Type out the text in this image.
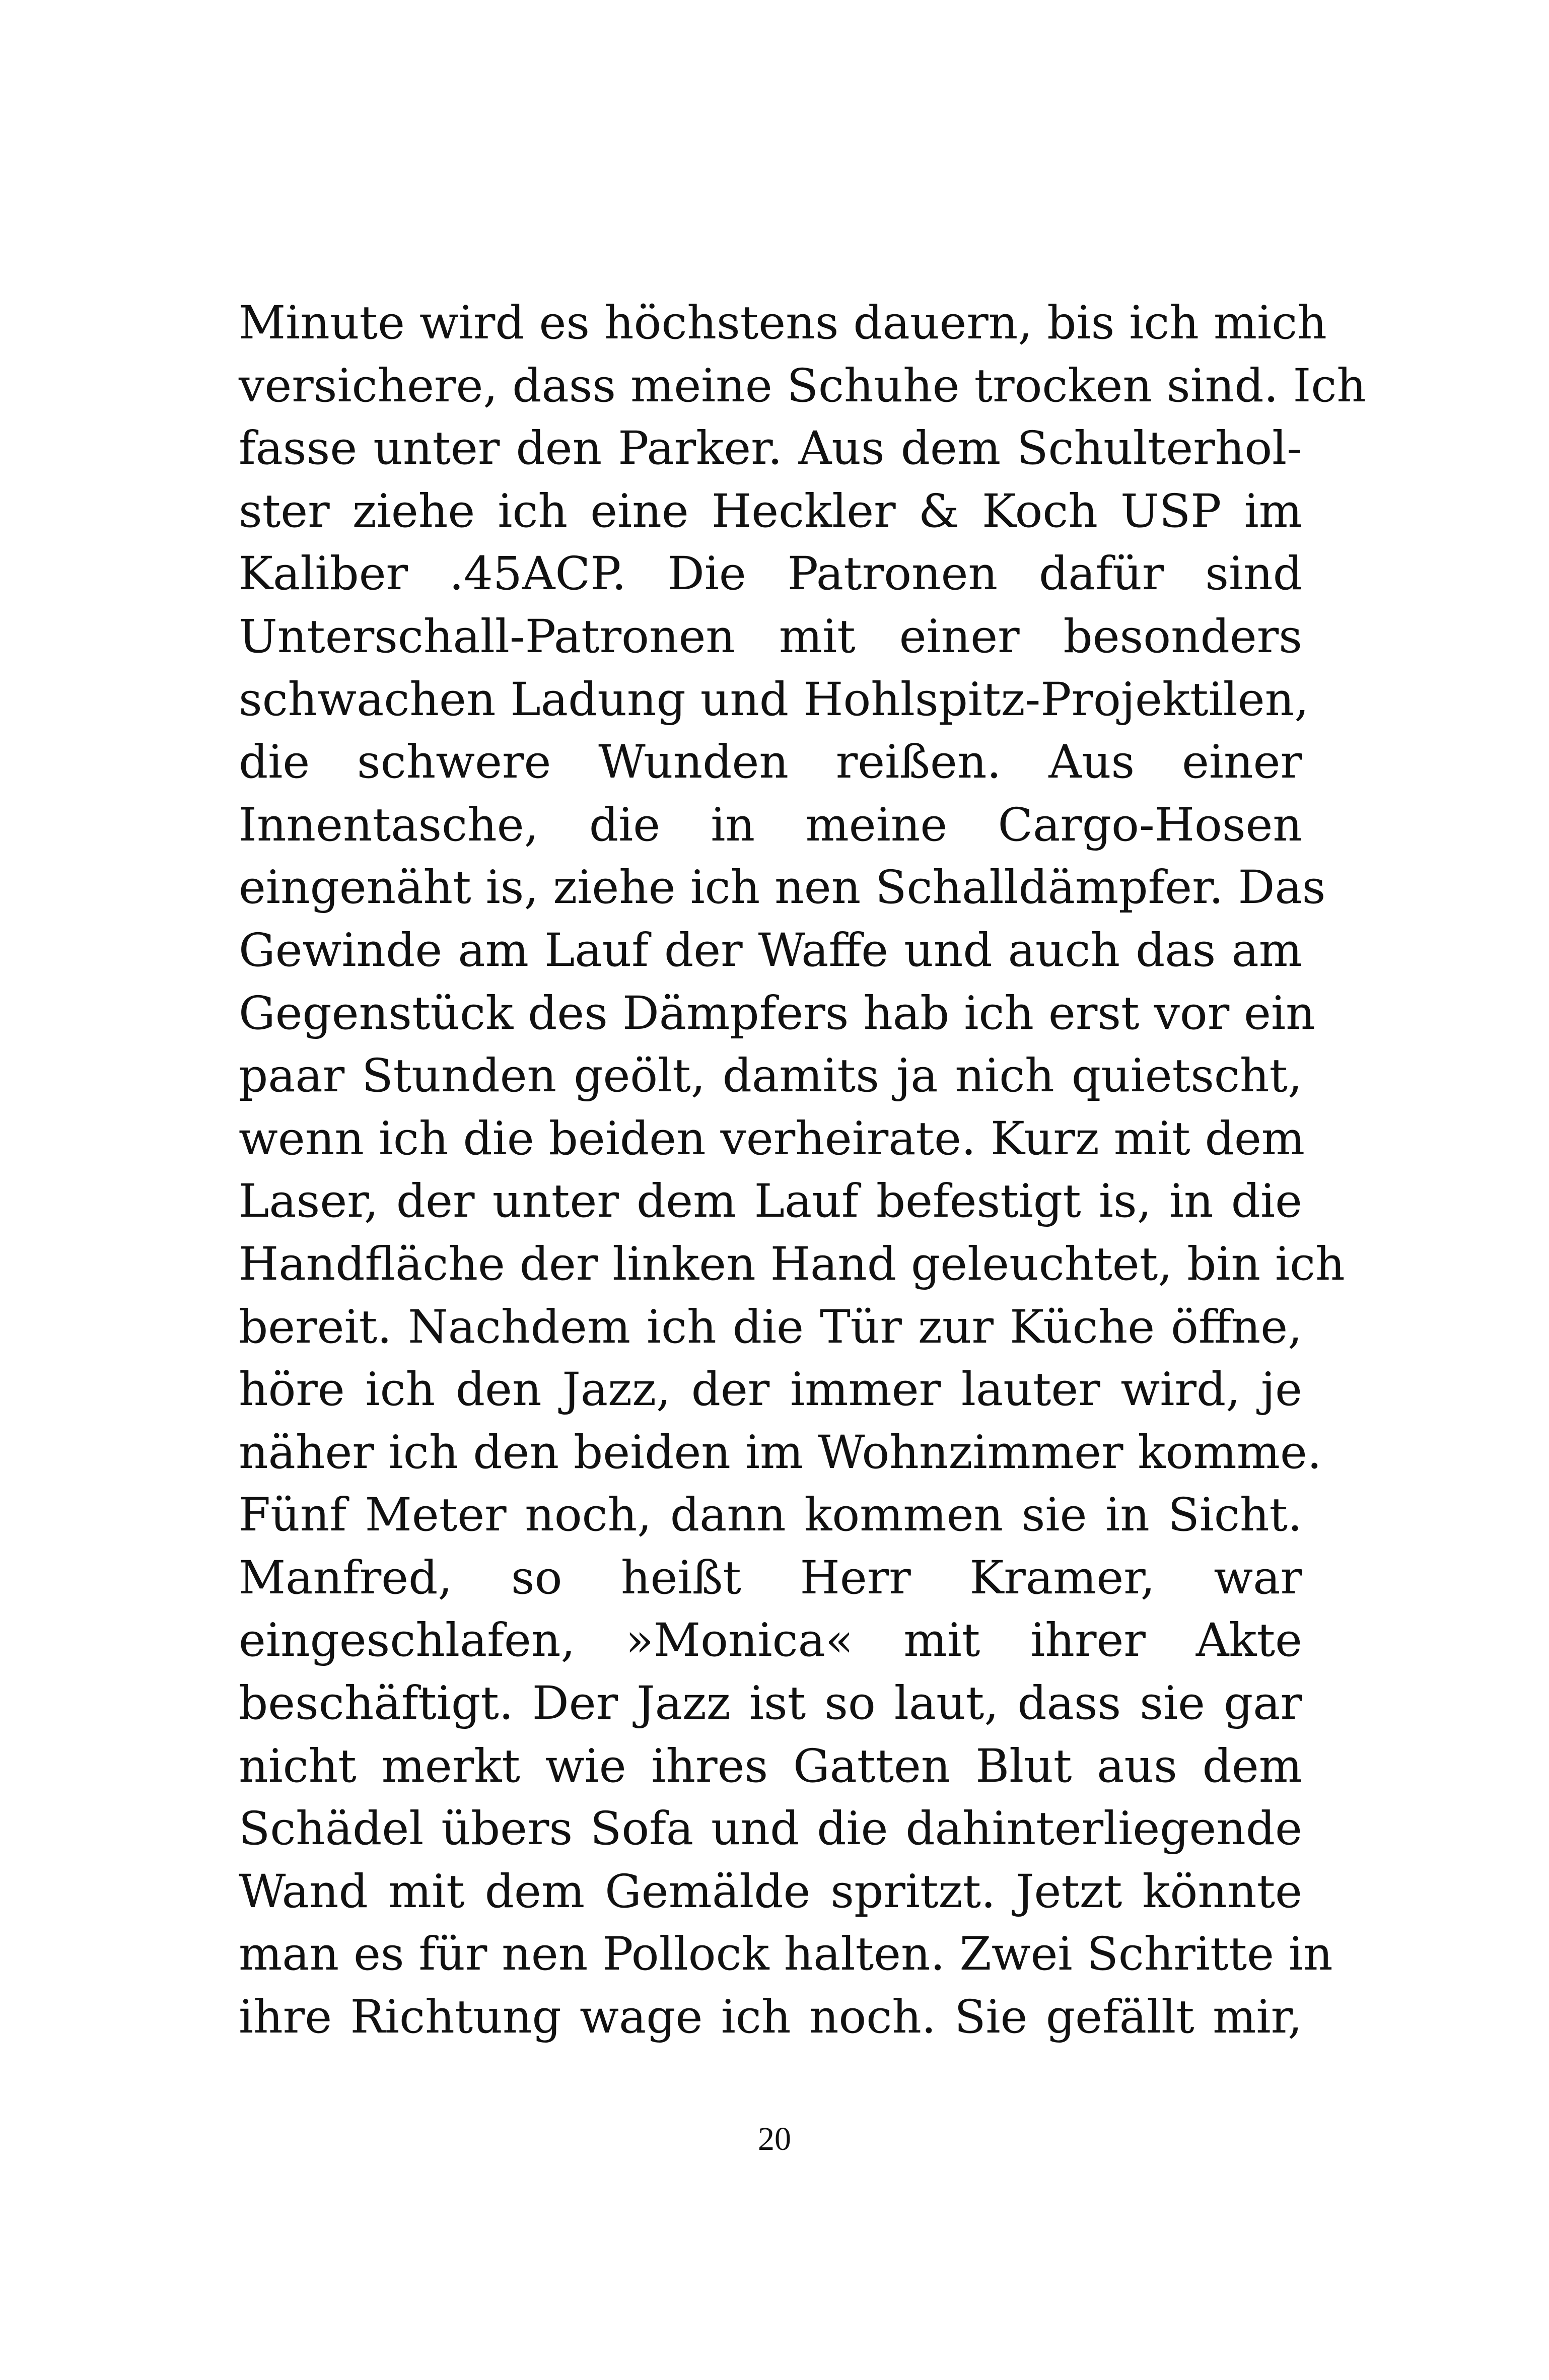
Minute wird es höchstens dauern, bis ich mich
versichere, dass meine Schuhe trocken sind. Ich
fasse unter den Parker. Aus dem Schulterhol-
ster ziehe ich eine Heckler & Koch USP im
Kaliber .45ACP. Die Patronen dafür sind
Unterschall-Patronen mit einer besonders
schwachen Ladung und Hohlspitz-Projektilen,
die schwere Wunden reißen. Aus einer
Innentasche, die in meine Cargo-Hosen
eingenäht is, ziehe ich nen Schalldämpfer. Das
Gewinde am Lauf der Waffe und auch das am
Gegenstück des Dämpfers hab ich erst vor ein
paar Stunden geölt, damits ja nich quietscht,
wenn ich die beiden verheirate. Kurz mit dem
Laser, der unter dem Lauf befestigt is, in die
Handfläche der linken Hand geleuchtet, bin ich
bereit. Nachdem ich die Tür zur Küche öffne,
höre ich den Jazz, der immer lauter wird, je
näher ich den beiden im Wohnzimmer komme.
Fünf Meter noch, dann kommen sie in Sicht.
Manfred, so heißt Herr Kramer, war
eingeschlafen, »Monica« mit ihrer Akte
beschäftigt. Der Jazz ist so laut, dass sie gar
nicht merkt wie ihres Gatten Blut aus dem
Schädel übers Sofa und die dahinterliegende
Wand mit dem Gemälde spritzt. Jetzt könnte
man es für nen Pollock halten. Zwei Schritte in
ihre Richtung wage ich noch. Sie gefällt mir,
20
